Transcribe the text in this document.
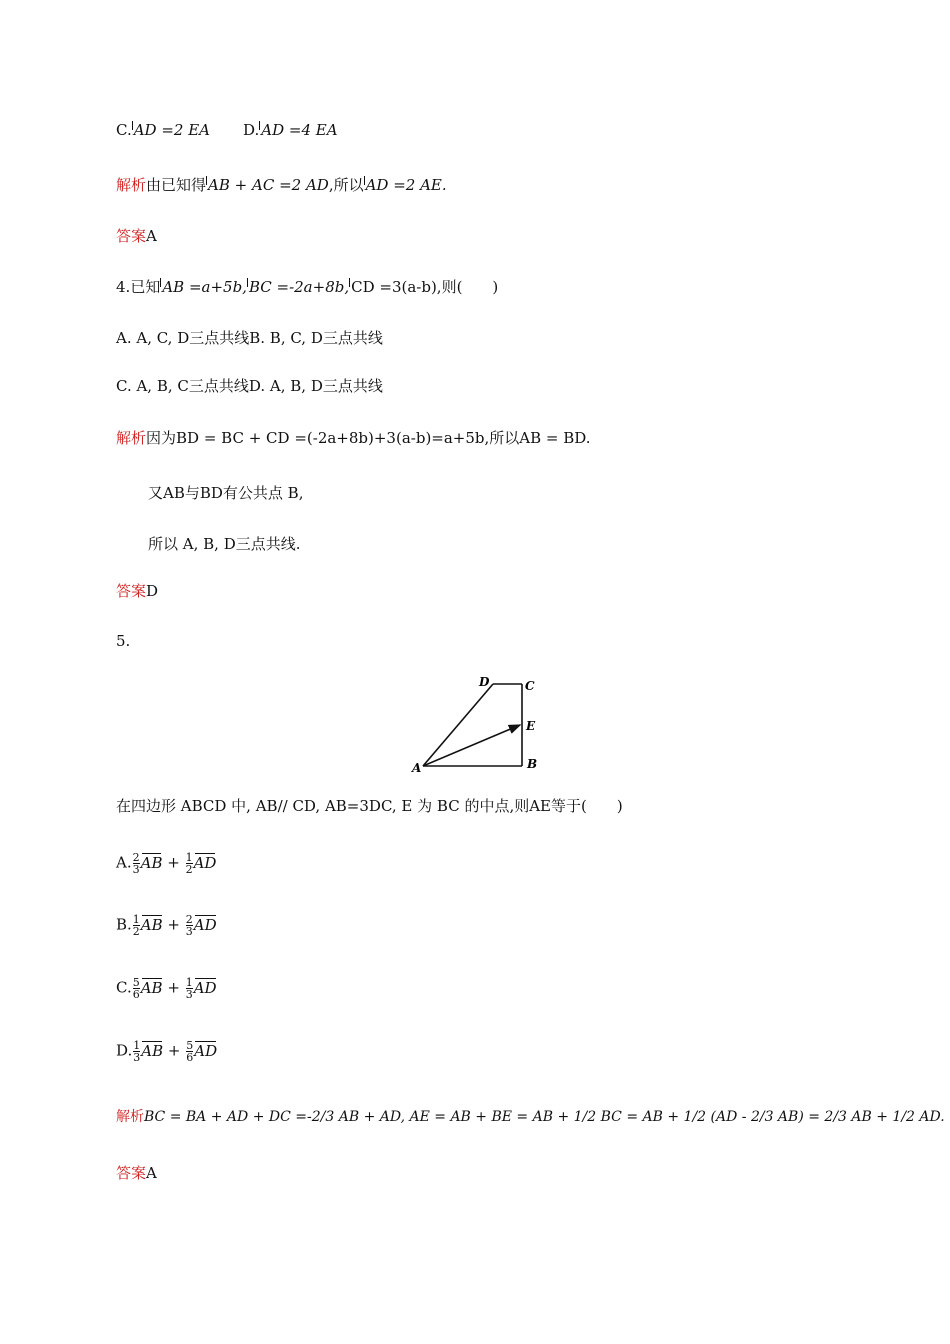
C. AD =2 EA D. AD =4 EA
解析由已知得 AB + AC =2 AD,所以 AD =2 AE.
答案A
4.已知 AB =a+5b, BC =-2a+8b, CD =3(a-b),则(　　)
A. A, C, D三点共线B. B, C, D三点共线
C. A, B, C三点共线D. A, B, D三点共线
解析因为BD = BC + CD =(-2a+8b)+3(a-b)=a+5b,所以AB = BD.
又AB与BD有公共点 B,
所以 A, B, D三点共线.
答案D
5.
A	B
C
D
E
在四边形 ABCD 中, AB// CD, AB=3DC, E 为 BC 的中点,则AE等于(　　)
A. $\frac{2}{3}$ AB + $\frac{1}{2}$ AD
B. $\frac{1}{2}$ AB + $\frac{2}{3}$ AD
C. $\frac{5}{6}$ AB + $\frac{1}{3}$ AD
D. $\frac{1}{3}$ AB + $\frac{5}{6}$ AD
解析BC = BA + AD + DC =-2/3 AB + AD, AE = AB + BE = AB + 1/2 BC = AB + 1/2 (AD - 2/3 AB) = 2/3 AB + 1/2 AD.
答案A
